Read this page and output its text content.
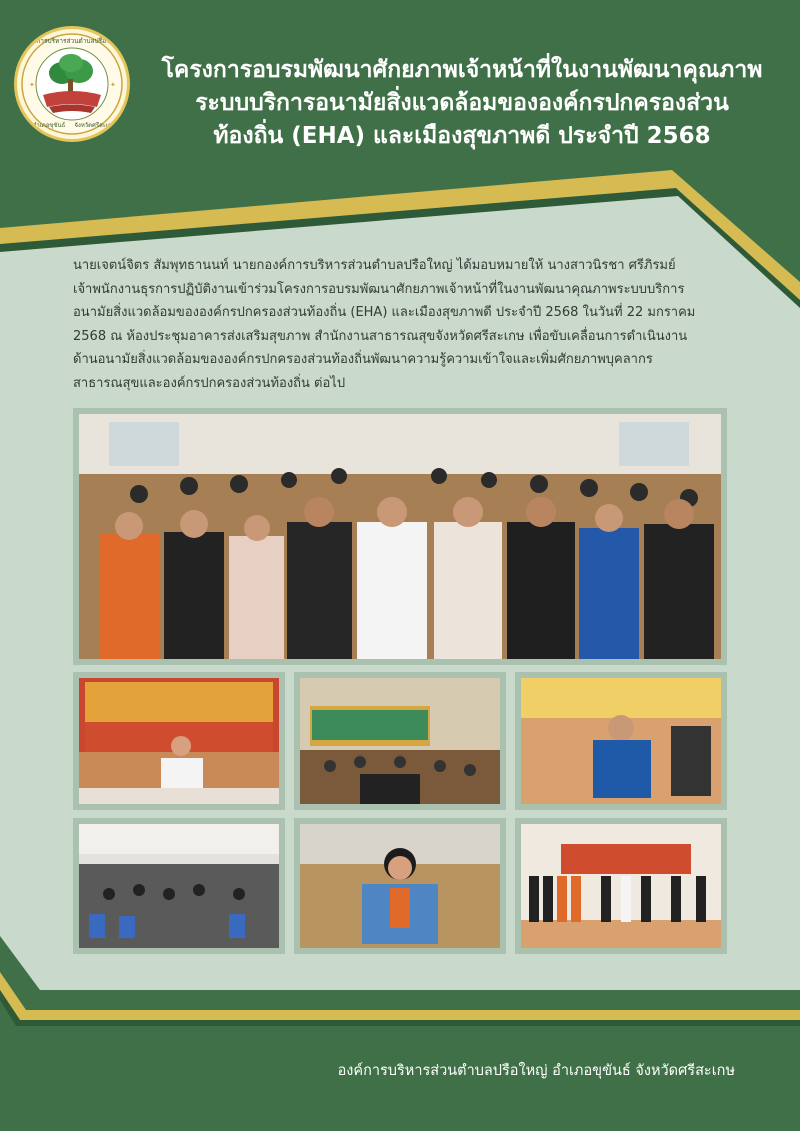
องค์การบริหารส่วนตำบลปรือใหญ่
อำเภอขุขันธ์ จังหวัดศรีสะเกษ
✦	✦
โครงการอบรมพัฒนาศักยภาพเจ้าหน้าที่ในงานพัฒนาคุณภาพ
ระบบบริการอนามัยสิ่งแวดล้อมขององค์กรปกครองส่วน
ท้องถิ่น (EHA) และเมืองสุขภาพดี ประจำปี 2568

นายเจตน์จิตร สัมพุทธานนท์ นายกองค์การบริหารส่วนตำบลปรือใหญ่ ได้มอบหมายให้ นางสาวนิรชา ศรีภิรมย์
เจ้าพนักงานธุรการปฏิบัติงานเข้าร่วมโครงการอบรมพัฒนาศักยภาพเจ้าหน้าที่ในงานพัฒนาคุณภาพระบบบริการ
อนามัยสิ่งแวดล้อมขององค์กรปกครองส่วนท้องถิ่น (EHA) และเมืองสุขภาพดี ประจำปี 2568 ในวันที่ 22 มกราคม
2568 ณ ห้องประชุมอาคารส่งเสริมสุขภาพ สำนักงานสาธารณสุขจังหวัดศรีสะเกษ เพื่อขับเคลื่อนการดำเนินงาน
ด้านอนามัยสิ่งแวดล้อมขององค์กรปกครองส่วนท้องถิ่นพัฒนาความรู้ความเข้าใจและเพิ่มศักยภาพบุคลากร
สาธารณสุขและองค์กรปกครองส่วนท้องถิ่น ต่อไป

องค์การบริหารส่วนตำบลปรือใหญ่ อำเภอขุขันธ์ จังหวัดศรีสะเกษ
